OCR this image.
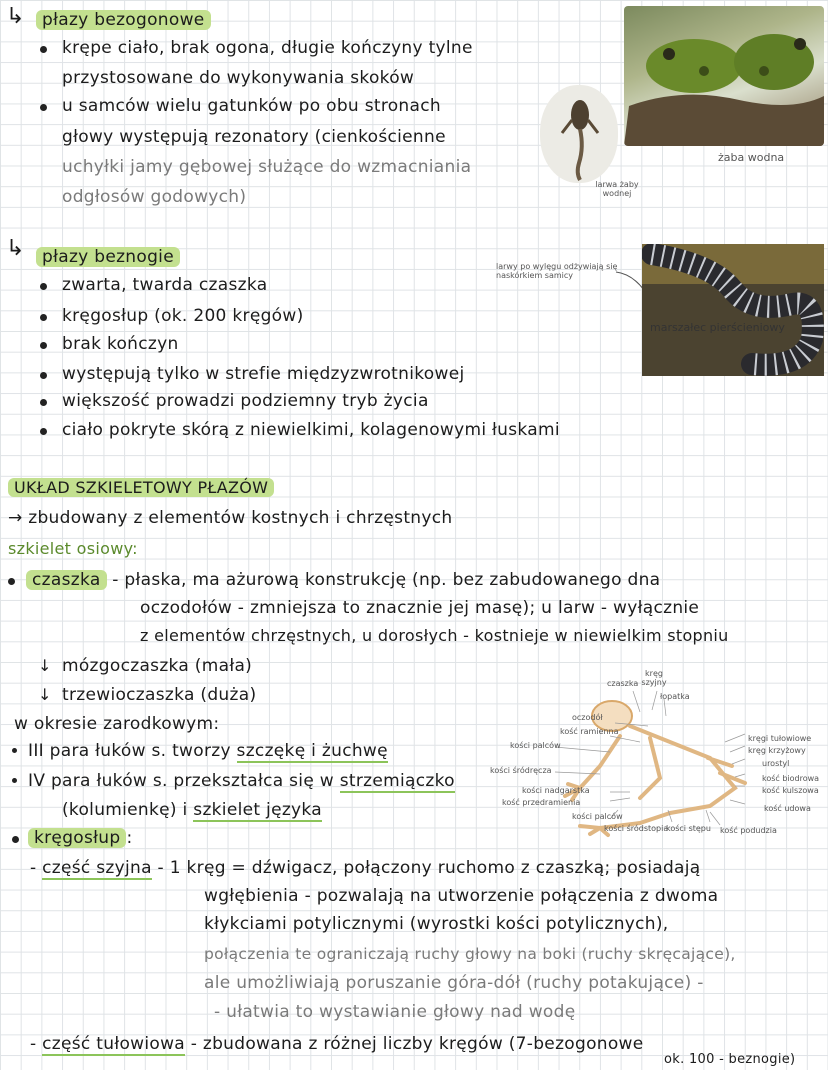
↳	płazy bezogonowe
krępe ciało, brak ogona, długie kończyny tylne
przystosowane do wykonywania skoków
u samców wielu gatunków po obu stronach
głowy występują rezonatory (cienkościenne
uchyłki jamy gębowej służące do wzmacniania
odgłosów godowych)
larwa żaby wodnej
żaba wodna
↳	płazy beznogie
zwarta, twarda czaszka
kręgosłup (ok. 200 kręgów)
brak kończyn
występują tylko w strefie międzyzwrotnikowej
większość prowadzi podziemny tryb życia
ciało pokryte skórą z niewielkimi, kolagenowymi łuskami
larwy po wylęgu odżywiają się naskórkiem samicy
marszałec pierścieniowy
UKŁAD SZKIELETOWY PŁAZÓW
→ zbudowany z elementów kostnych i chrzęstnych
szkielet osiowy:
czaszka - płaska, ma ażurową konstrukcję (np. bez zabudowanego dna
oczodołów - zmniejsza to znacznie jej masę); u larw - wyłącznie
z elementów chrzęstnych, u dorosłych - kostnieje w niewielkim stopniu
↓ mózgoczaszka (mała)
↓ trzewioczaszka (duża)
w okresie zarodkowym:
III para łuków s. tworzy szczękę i żuchwę
IV para łuków s. przekształca się w strzemiączko
(kolumienkę) i szkielet języka
kręgosłup :
- część szyjna - 1 kręg = dźwigacz, połączony ruchomo z czaszką; posiadają
wgłębienia - pozwalają na utworzenie połączenia z dwoma
kłykciami potylicznymi (wyrostki kości potylicznych),
połączenia te ograniczają ruchy głowy na boki (ruchy skręcające),
ale umożliwiają poruszanie góra-dół (ruchy potakujące) -
- ułatwia to wystawianie głowy nad wodę
- część tułowiowa - zbudowana z różnej liczby kręgów (7-bezogonowe
ok. 100 - beznogie)
czaszka
kręg szyjny
łopatka
oczodół
kość ramienna
kości palców
kości śródręcza
kości nadgarstka
kość przedramienia
kości palców
kości śródstopia
kości stępu kość podudzia
kręgi tułowiowe
kręg krzyżowy
urostyl
kość biodrowa
kość kulszowa
kość udowa
